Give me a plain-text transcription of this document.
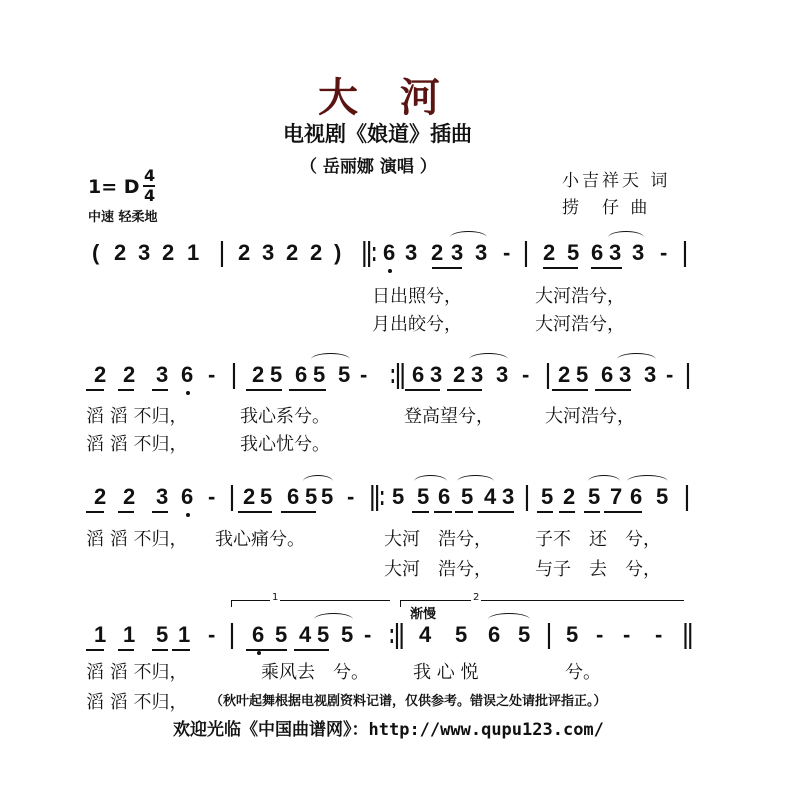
大 河
电视剧《娘道》插曲
（ 岳丽娜 演唱 ）
小吉祥天 词
捞　仔 曲
1= D
4
4
中速 轻柔地
( 2 3 2 1 | 2 3 2 2 ) ||: 6 3 2 3 3 - | 2 5 6 3 3 - |
日出照兮，	大河浩兮，
月出皎兮，	大河浩兮，
2 2 3 6 - | 2 5 6 5 5 - :|| 6 3 2 3 3 - | 2 5 6 3 3 - |
滔 滔 不归，	我心系兮。	登高望兮，	大河浩兮，
滔 滔 不归，	我心忧兮。
2 2 3 6 - | 2 5 6 5 5 - ||: 5 5 6 5 4 3 | 5 2 5 7 6 5 |
滔 滔 不归， 我心痛兮。	大河　浩兮， 子不　还　兮，
大河　浩兮， 与子　去　兮，
1 1 5 1 - | 6 5 4 5 5 - :|| 4 5 6 5 | 5 - - - ||
滔 滔 不归，	乘风去　兮。 我 心 悦	兮。
滔 滔 不归，
1	2
渐慢
（秋叶起舞根据电视剧资料记谱，仅供参考。错误之处请批评指正。）
欢迎光临《中国曲谱网》：http://www.qupu123.com/
